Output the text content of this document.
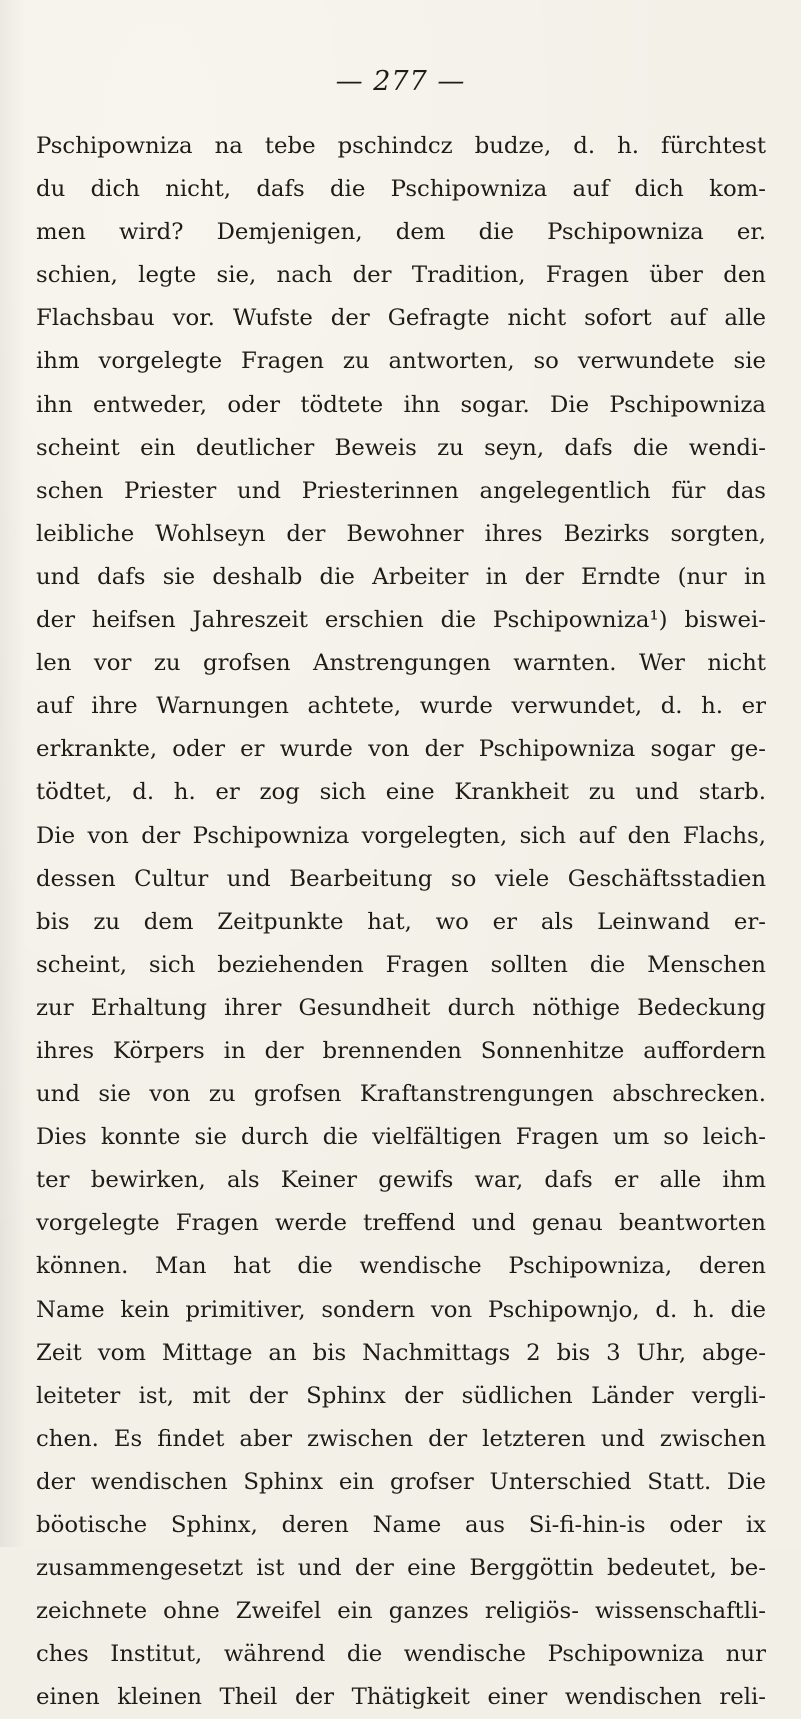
— 277 —
Pschipowniza na tebe pschindcz budze, d. h. fürchtest
du dich nicht, dafs die Pschipowniza auf dich kom-
men wird? Demjenigen, dem die Pschipowniza er.
schien, legte sie, nach der Tradition, Fragen über den
Flachsbau vor. Wufste der Gefragte nicht sofort auf alle
ihm vorgelegte Fragen zu antworten, so verwundete sie
ihn entweder, oder tödtete ihn sogar. Die Pschipowniza
scheint ein deutlicher Beweis zu seyn, dafs die wendi-
schen Priester und Priesterinnen angelegentlich für das
leibliche Wohlseyn der Bewohner ihres Bezirks sorgten,
und dafs sie deshalb die Arbeiter in der Erndte (nur in
der heifsen Jahreszeit erschien die Pschipowniza¹) biswei-
len vor zu grofsen Anstrengungen warnten. Wer nicht
auf ihre Warnungen achtete, wurde verwundet, d. h. er
erkrankte, oder er wurde von der Pschipowniza sogar ge-
tödtet, d. h. er zog sich eine Krankheit zu und starb.
Die von der Pschipowniza vorgelegten, sich auf den Flachs,
dessen Cultur und Bearbeitung so viele Geschäftsstadien
bis zu dem Zeitpunkte hat, wo er als Leinwand er-
scheint, sich beziehenden Fragen sollten die Menschen
zur Erhaltung ihrer Gesundheit durch nöthige Bedeckung
ihres Körpers in der brennenden Sonnenhitze auffordern
und sie von zu grofsen Kraftanstrengungen abschrecken.
Dies konnte sie durch die vielfältigen Fragen um so leich-
ter bewirken, als Keiner gewifs war, dafs er alle ihm
vorgelegte Fragen werde treffend und genau beantworten
können. Man hat die wendische Pschipowniza, deren
Name kein primitiver, sondern von Pschipownjo, d. h. die
Zeit vom Mittage an bis Nachmittags 2 bis 3 Uhr, abge-
leiteter ist, mit der Sphinx der südlichen Länder vergli-
chen. Es findet aber zwischen der letzteren und zwischen
der wendischen Sphinx ein grofser Unterschied Statt. Die
böotische Sphinx, deren Name aus Si-fi-hin-is oder ix
zusammengesetzt ist und der eine Berggöttin bedeutet, be-
zeichnete ohne Zweifel ein ganzes religiös- wissenschaftli-
ches Institut, während die wendische Pschipowniza nur
einen kleinen Theil der Thätigkeit einer wendischen reli-
